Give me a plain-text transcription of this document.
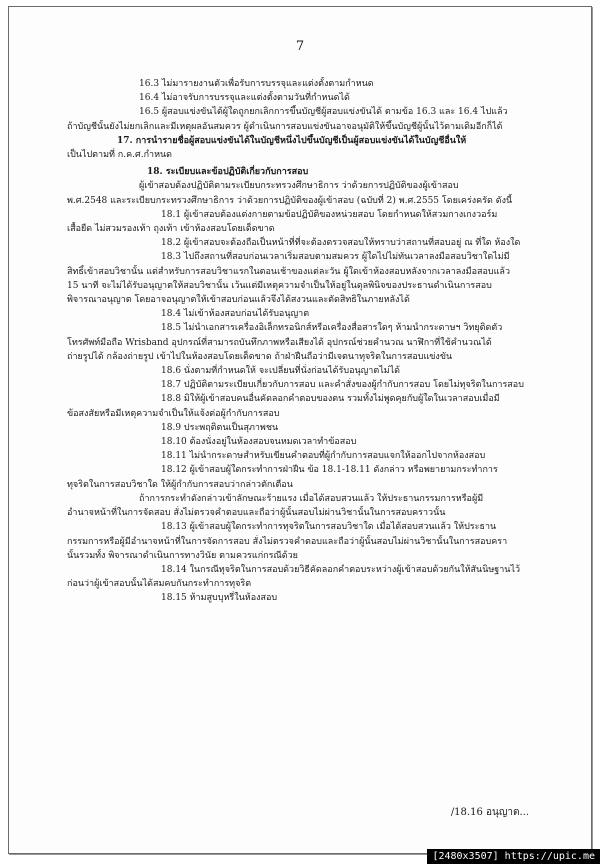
7

16.3 ไม่มารายงานตัวเพื่อรับการบรรจุและแต่งตั้งตามกำหนด

16.4 ไม่อาจรับการบรรจุและแต่งตั้งตามวันที่กำหนดได้

16.5 ผู้สอบแข่งขันได้ผู้ใดถูกยกเลิกการขึ้นบัญชีผู้สอบแข่งขันได้ ตามข้อ 16.3 และ 16.4 ไปแล้ว

ถ้าบัญชีนั้นยังไม่ยกเลิกและมีเหตุผลอันสมควร ผู้ดำเนินการสอบแข่งขันอาจอนุมัติให้ขึ้นบัญชีผู้นั้นไว้ตามเดิมอีกก็ได้

17. การนำรายชื่อผู้สอบแข่งขันได้ในบัญชีหนึ่งไปขึ้นบัญชีเป็นผู้สอบแข่งขันได้ในบัญชีอื่นให้

เป็นไปตามที่ ก.ค.ศ.กำหนด

18. ระเบียบและข้อปฏิบัติเกี่ยวกับการสอบ

ผู้เข้าสอบต้องปฏิบัติตามระเบียบกระทรวงศึกษาธิการ ว่าด้วยการปฏิบัติของผู้เข้าสอบ

พ.ศ.2548 และระเบียบกระทรวงศึกษาธิการ ว่าด้วยการปฏิบัติของผู้เข้าสอบ (ฉบับที่ 2) พ.ศ.2555 โดยเคร่งครัด ดังนี้

18.1 ผู้เข้าสอบต้องแต่งกายตามข้อปฏิบัติของหน่วยสอบ โดยกำหนดให้สวมกางเกงวอร์ม

เสื้อยืด ไม่สวมรองเท้า ถุงเท้า เข้าห้องสอบโดยเด็ดขาด

18.2 ผู้เข้าสอบจะต้องถือเป็นหน้าที่ที่จะต้องตรวจสอบให้ทราบว่าสถานที่สอบอยู่ ณ ที่ใด ห้องใด

18.3 ไปถึงสถานที่สอบก่อนเวลาเริ่มสอบตามสมควร ผู้ใดไปไม่ทันเวลาลงมือสอบวิชาใดไม่มี

สิทธิ์เข้าสอบวิชานั้น แต่สำหรับการสอบวิชาแรกในตอนเช้าของแต่ละวัน ผู้ใดเข้าห้องสอบหลังจากเวลาลงมือสอบแล้ว

15 นาที จะไม่ได้รับอนุญาตให้สอบวิชานั้น เว้นแต่มีเหตุความจำเป็นให้อยู่ในดุลพินิจของประธานดำเนินการสอบ

พิจารณาอนุญาต โดยอาจอนุญาตให้เข้าสอบก่อนแล้วจึงได้สงวนและตัดสิทธิในภายหลังได้

18.4 ไม่เข้าห้องสอบก่อนได้รับอนุญาต

18.5 ไม่นำเอกสารเครื่องอิเล็กทรอนิกส์หรือเครื่องสื่อสารใดๆ ห้ามนำกระดาษฯ วิทยุติดตัว

โทรศัพท์มือถือ Wrisband อุปกรณ์ที่สามารถบันทึกภาพหรือเสียงได้ อุปกรณ์ช่วยคำนวณ นาฬิกาที่ใช้คำนวณได้

ถ่ายรูปได้ กล้องถ่ายรูป เข้าไปในห้องสอบโดยเด็ดขาด ถ้าฝ่าฝืนถือว่ามีเจตนาทุจริตในการสอบแข่งขัน

18.6 นั่งตามที่กำหนดให้ จะเปลี่ยนที่นั่งก่อนได้รับอนุญาตไม่ได้

18.7 ปฏิบัติตามระเบียบเกี่ยวกับการสอบ และคำสั่งของผู้กำกับการสอบ โดยไม่ทุจริตในการสอบ

18.8 มิให้ผู้เข้าสอบคนอื่นคัดลอกคำตอบของตน รวมทั้งไม่พูดคุยกับผู้ใดในเวลาสอบเมื่อมี

ข้อสงสัยหรือมีเหตุความจำเป็นให้แจ้งต่อผู้กำกับการสอบ

18.9 ประพฤติตนเป็นสุภาพชน

18.10 ต้องนั่งอยู่ในห้องสอบจนหมดเวลาทำข้อสอบ

18.11 ไม่นำกระดาษสำหรับเขียนคำตอบที่ผู้กำกับการสอบแจกให้ออกไปจากห้องสอบ

18.12 ผู้เข้าสอบผู้ใดกระทำการฝ่าฝืน ข้อ 18.1-18.11 ดังกล่าว หรือพยายามกระทำการ

ทุจริตในการสอบวิชาใด ให้ผู้กำกับการสอบว่ากล่าวตักเตือน

ถ้าการกระทำดังกล่าวเข้าลักษณะร้ายแรง เมื่อได้สอบสวนแล้ว ให้ประธานกรรมการหรือผู้มี

อำนาจหน้าที่ในการจัดสอบ สั่งไม่ตรวจคำตอบและถือว่าผู้นั้นสอบไม่ผ่านวิชานั้นในการสอบคราวนั้น

18.13 ผู้เข้าสอบผู้ใดกระทำการทุจริตในการสอบวิชาใด เมื่อได้สอบสวนแล้ว ให้ประธาน

กรรมการหรือผู้มีอำนาจหน้าที่ในการจัดการสอบ สั่งไม่ตรวจคำตอบและถือว่าผู้นั้นสอบไม่ผ่านวิชานั้นในการสอบครา

นั้นรวมทั้ง พิจารณาดำเนินการทางวินัย ตามควรแก่กรณีด้วย

18.14 ในกรณีทุจริตในการสอบด้วยวิธีคัดลอกคำตอบระหว่างผู้เข้าสอบด้วยกันให้สันนิษฐานไว้

ก่อนว่าผู้เข้าสอบนั้นได้สมคบกันกระทำการทุจริต

18.15 ห้ามสูบบุหรี่ในห้องสอบ

/18.16 อนุญาต...
[2480x3507] https://upic.me
